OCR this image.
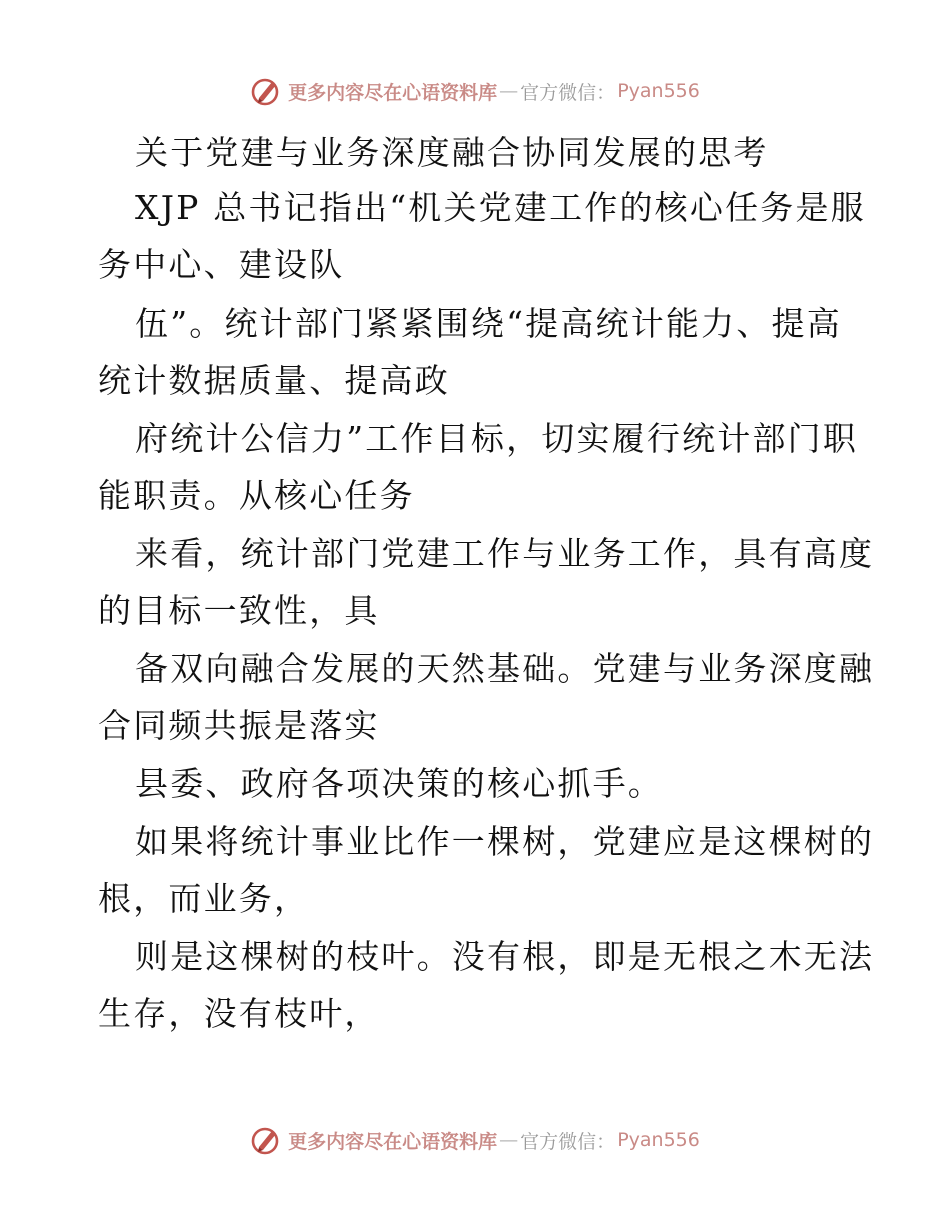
更多内容尽在心语资料库 — 官方微信： Pyan556
关于党建与业务深度融合协同发展的思考
XJP 总书记指出“机关党建工作的核心任务是服
务中心、建设队
伍”。统计部门紧紧围绕“提高统计能力、提高
统计数据质量、提高政
府统计公信力”工作目标，切实履行统计部门职
能职责。从核心任务
来看，统计部门党建工作与业务工作，具有高度
的目标一致性，具
备双向融合发展的天然基础。党建与业务深度融
合同频共振是落实
县委、政府各项决策的核心抓手。
如果将统计事业比作一棵树，党建应是这棵树的
根，而业务，
则是这棵树的枝叶。没有根，即是无根之木无法
生存，没有枝叶，
更多内容尽在心语资料库 — 官方微信： Pyan556
